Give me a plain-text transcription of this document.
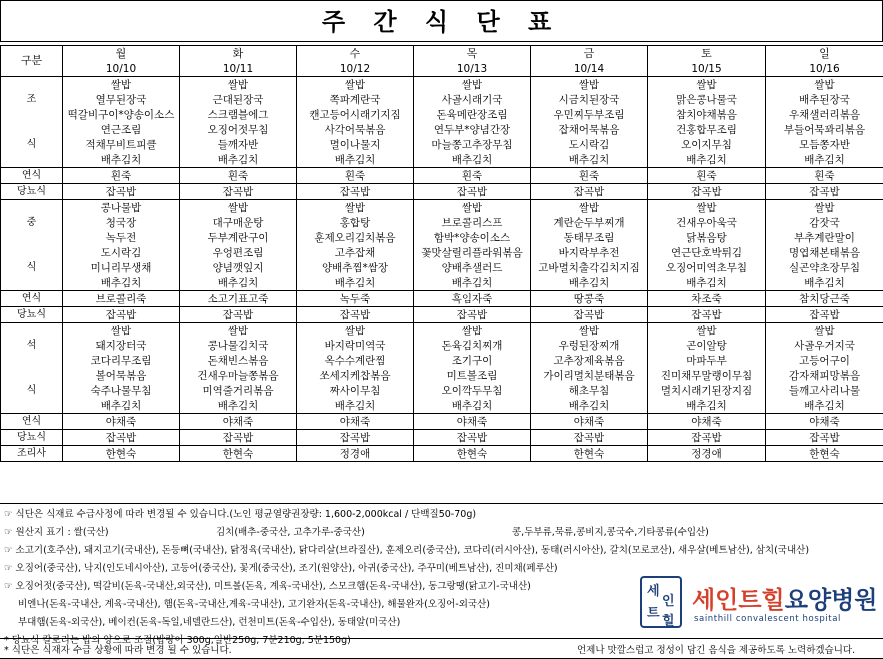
주 간 식 단 표
구분	월	화	수	목	금	토	일
	10/10	10/11	10/12	10/13	10/14	10/15	10/16
	쌀밥	쌀밥	쌀밥	쌀밥	쌀밥	쌀밥	쌀밥
조	열무된장국	근대된장국	쪽파계란국	사골시래기국	시금치된장국	맑은콩나물국	배추된장국
	떡갈비구이*양송이소스	스크램블에그	캔고등어시래기지짐	돈육메란장조림	우민찌두부조림	참치야채볶음	우채샐러리볶음
	연근조림	오징어젓무침	사각어묵볶음	연두부*양념간장	잡채어묵볶음	건홍합무조림	부들어묵꽈리볶음
식	적채무비트피클	들깨자반	멸이나물지	마늘쫑고추장무침	도시락김	오이지무침	모듬쫑자반
	배추김치	배추김치	배추김치	배추김치	배추김치	배추김치	배추김치
연식	흰죽	흰죽	흰죽	흰죽	흰죽	흰죽	흰죽
당뇨식	잡곡밥	잡곡밥	잡곡밥	잡곡밥	잡곡밥	잡곡밥	잡곡밥
	콩나물밥	쌀밥	쌀밥	쌀밥	쌀밥	쌀밥	쌀밥
중	청국장	대구매운탕	홍합탕	브로콜리스프	계란순두부찌개	건새우아욱국	감잣국
	녹두전	두부계란구이	훈제오리김치볶음	함박*양송이소스	동태무조림	닭볶음탕	부추계란말이
	도시락김	우엉편조림	고추잡채	꽃맛살릴리플라워볶음	바지락부추전	연근단호박튀김	명엽채본태볶음
식	미니리무생채	양념깻잎지	양배추찜*쌈장	양배추샐러드	고바멸치출각김치지짐	오징어미역초무침	실곤약초장무침
	배추김치	배추김치	배추김치	배추김치	배추김치	배추김치	배추김치
연식	브로콜리죽	소고기표고죽	녹두죽	흑임자죽	땅콩죽	차조죽	참치당근죽
당뇨식	잡곡밥	잡곡밥	잡곡밥	잡곡밥	잡곡밥	잡곡밥	잡곡밥
	쌀밥	쌀밥	쌀밥	쌀밥	쌀밥	쌀밥	쌀밥
석	돼지장터국	콩나물김치국	바지락미역국	돈육김치찌개	우렁된장찌개	곤이알탕	사골우거지국
	코다리무조림	돈채빈스볶음	옥수수계란찜	조기구이	고추장제육볶음	마파두부	고등어구이
	볼어묵볶음	건새우마늘쫑볶음	쏘세지케찹볶음	미트볼조림	가이리멸치분태볶음	진미채무말랭이무침	감자채피망볶음
식	숙주나물무침	미역줄거리볶음	짜사이무침	오이깍두무침	해초무침	멸치시래기된장지짐	들깨고사리나물
	배추김치	배추김치	배추김치	배추김치	배추김치	배추김치	배추김치
연식	야채죽	야채죽	야채죽	야채죽	야채죽	야채죽	야채죽
당뇨식	잡곡밥	잡곡밥	잡곡밥	잡곡밥	잡곡밥	잡곡밥	잡곡밥
조리사	한현숙	한현숙	정경애	한현숙	한현숙	정경애	한현숙
☞ 식단은 식재료 수급사정에 따라 변경될 수 있습니다.(노인 평균열량권장량: 1,600-2,000kcal / 단백질50-70g)
☞ 원산지 표기 : 쌀(국산)	김치(배추-중국산, 고추가루-중국산)	콩,두부류,묵류,콩비지,콩국수,기타콩류(수입산)
☞ 소고기(호주산), 돼지고기(국내산), 돈등뼈(국내산), 닭정육(국내산), 닭다리살(브라질산), 훈제오리(중국산), 코다리(러시아산), 동태(러시아산), 갈치(모로코산), 새우살(베트남산), 삼치(국내산)
☞ 오징어(중국산), 낙지(인도네시아산), 고등어(중국산), 꽃게(중국산), 조기(원양산), 아귀(중국산), 주꾸미(베트남산), 진미채(페루산)
☞ 오징어젓(중국산), 떡갈비(돈육-국내산,외국산), 미트볼(돈육, 계육-국내산), 스모크햄(돈육-국내산), 동그랑땡(닭고기-국내산)
비엔나(돈육-국내산, 계육-국내산), 햄(돈육-국내산,계육-국내산), 고기완자(돈육-국내산), 해물완자(오징어-외국산)
부대햄(돈육-외국산), 베이컨(돈육-독일,네델란드산), 런천미트(돈육-수입산), 동태알(미국산)
* 당뇨식 칼로리는 밥의 양으로 조절(밥량이 300g,일반250g, 7분210g, 5분150g)
* 식단은 식재자 수급 상황에 따라 변경 될 수 있습니다.	언제나 맛깔스럽고 정성이 담긴 음식을 제공하도록 노력하겠습니다.
세
인
트
힐
세인트힐요양병원
sainthill convalescent hospital
